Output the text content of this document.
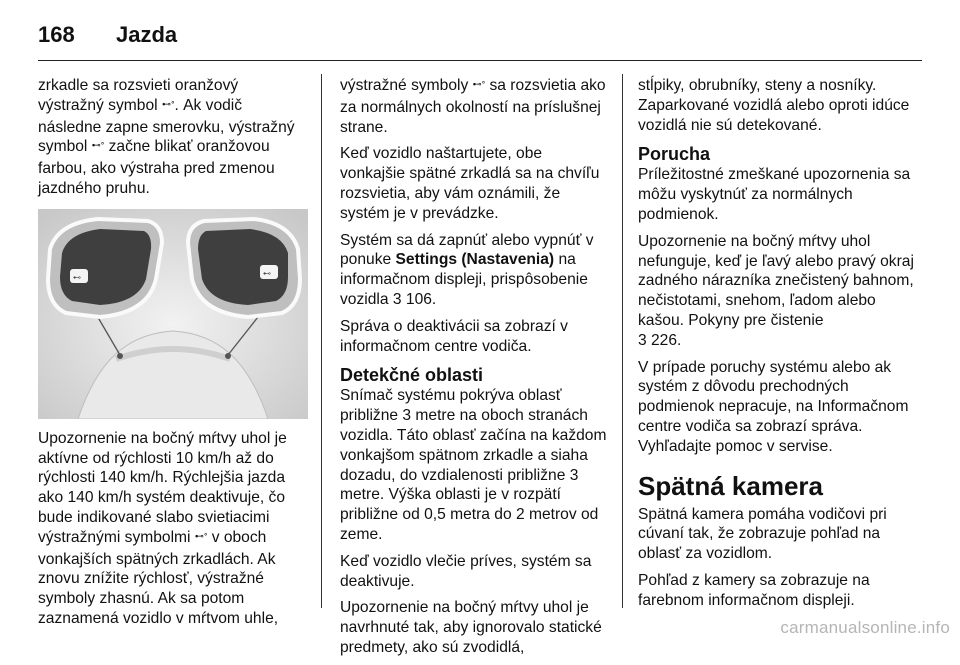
168 Jazda

zrkadle sa rozsvieti oranžový výstražný symbol ⊷ᐤ. Ak vodič následne zapne smerovku, výstražný symbol ⊷ᐤ začne blikať oranžovou farbou, ako výstraha pred zmenou jazdného pruhu.

⊷	⊷

Upozornenie na bočný mŕtvy uhol je aktívne od rýchlosti 10 km/h až do rýchlosti 140 km/h. Rýchlejšia jazda ako 140 km/h systém deaktivuje, čo bude indikované slabo svietiacimi výstražnými symbolmi ⊷ᐤ v oboch vonkajších spätných zrkadlách. Ak znovu znížite rýchlosť, výstražné symboly zhasnú. Ak sa potom zaznamená vozidlo v mŕtvom uhle,

výstražné symboly ⊷ᐤ sa rozsvietia ako za normálnych okolností na príslušnej strane.

Keď vozidlo naštartujete, obe vonkajšie spätné zrkadlá sa na chvíľu rozsvietia, aby vám oznámili, že systém je v prevádzke.

Systém sa dá zapnúť alebo vypnúť v ponuke Settings (Nastavenia) na informačnom displeji, prispôsobenie vozidla 3 106.

Správa o deaktivácii sa zobrazí v informačnom centre vodiča.

Detekčné oblasti

Snímač systému pokrýva oblasť približne 3 metre na oboch stranách vozidla. Táto oblasť začína na každom vonkajšom spätnom zrkadle a siaha dozadu, do vzdialenosti približne 3 metre. Výška oblasti je v rozpätí približne od 0,5 metra do 2 metrov od zeme.

Keď vozidlo vlečie príves, systém sa deaktivuje.

Upozornenie na bočný mŕtvy uhol je navrhnuté tak, aby ignorovalo statické predmety, ako sú zvodidlá,

stĺpiky, obrubníky, steny a nosníky. Zaparkované vozidlá alebo oproti idúce vozidlá nie sú detekované.

Porucha

Príležitostné zmeškané upozornenia sa môžu vyskytnúť za normálnych podmienok.

Upozornenie na bočný mŕtvy uhol nefunguje, keď je ľavý alebo pravý okraj zadného nárazníka znečistený bahnom, nečistotami, snehom, ľadom alebo kašou. Pokyny pre čistenie
3 226.

V prípade poruchy systému alebo ak systém z dôvodu prechodných podmienok nepracuje, na Informačnom centre vodiča sa zobrazí správa. Vyhľadajte pomoc v servise.

Spätná kamera

Spätná kamera pomáha vodičovi pri cúvaní tak, že zobrazuje pohľad na oblasť za vozidlom.

Pohľad z kamery sa zobrazuje na farebnom informačnom displeji.

carmanualsonline.info
